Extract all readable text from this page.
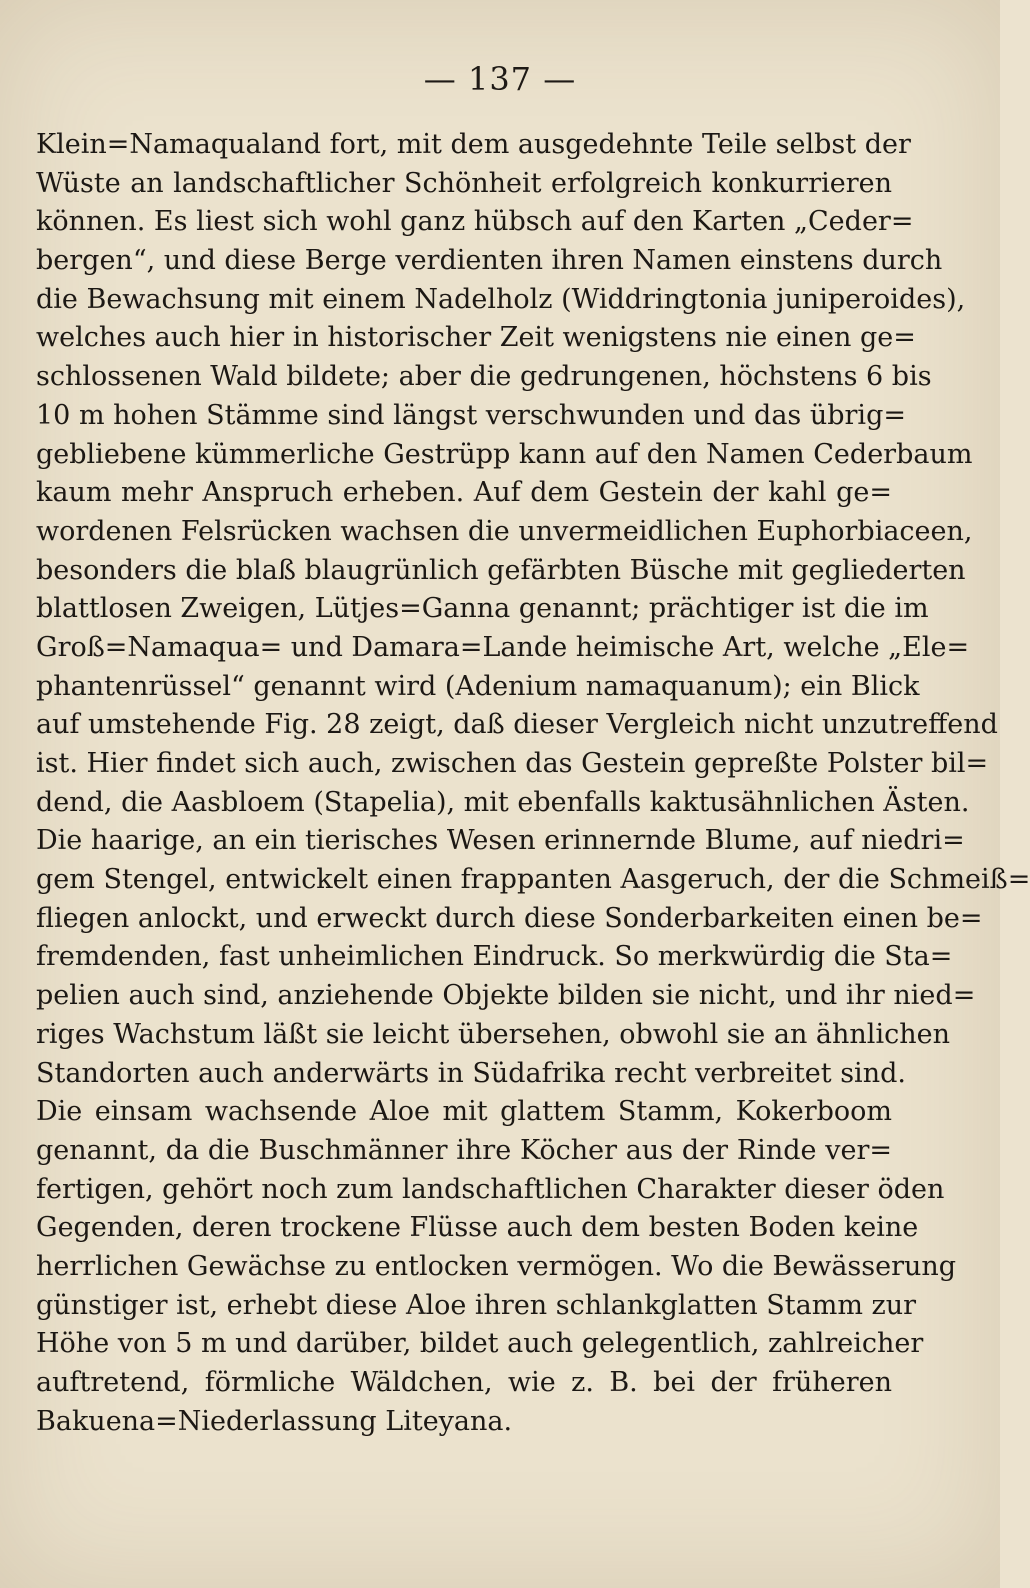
— 137 —
Klein=Namaqualand fort, mit dem ausgedehnte Teile selbst der
Wüste an landschaftlicher Schönheit erfolgreich konkurrieren
können. Es liest sich wohl ganz hübsch auf den Karten „Ceder=
bergen“, und diese Berge verdienten ihren Namen einstens durch
die Bewachsung mit einem Nadelholz (Widdringtonia juniperoides),
welches auch hier in historischer Zeit wenigstens nie einen ge=
schlossenen Wald bildete; aber die gedrungenen, höchstens 6 bis
10 m hohen Stämme sind längst verschwunden und das übrig=
gebliebene kümmerliche Gestrüpp kann auf den Namen Cederbaum
kaum mehr Anspruch erheben. Auf dem Gestein der kahl ge=
wordenen Felsrücken wachsen die unvermeidlichen Euphorbiaceen,
besonders die blaß blaugrünlich gefärbten Büsche mit gegliederten
blattlosen Zweigen, Lütjes=Ganna genannt; prächtiger ist die im
Groß=Namaqua= und Damara=Lande heimische Art, welche „Ele=
phantenrüssel“ genannt wird (Adenium namaquanum); ein Blick
auf umstehende Fig. 28 zeigt, daß dieser Vergleich nicht unzutreffend
ist. Hier findet sich auch, zwischen das Gestein gepreßte Polster bil=
dend, die Aasbloem (Stapelia), mit ebenfalls kaktusähnlichen Ästen.
Die haarige, an ein tierisches Wesen erinnernde Blume, auf niedri=
gem Stengel, entwickelt einen frappanten Aasgeruch, der die Schmeiß=
fliegen anlockt, und erweckt durch diese Sonderbarkeiten einen be=
fremdenden, fast unheimlichen Eindruck. So merkwürdig die Sta=
pelien auch sind, anziehende Objekte bilden sie nicht, und ihr nied=
riges Wachstum läßt sie leicht übersehen, obwohl sie an ähnlichen
Standorten auch anderwärts in Südafrika recht verbreitet sind.
Die einsam wachsende Aloe mit glattem Stamm, Kokerboom
genannt, da die Buschmänner ihre Köcher aus der Rinde ver=
fertigen, gehört noch zum landschaftlichen Charakter dieser öden
Gegenden, deren trockene Flüsse auch dem besten Boden keine
herrlichen Gewächse zu entlocken vermögen. Wo die Bewässerung
günstiger ist, erhebt diese Aloe ihren schlankglatten Stamm zur
Höhe von 5 m und darüber, bildet auch gelegentlich, zahlreicher
auftretend, förmliche Wäldchen, wie z. B. bei der früheren
Bakuena=Niederlassung Liteyana.
